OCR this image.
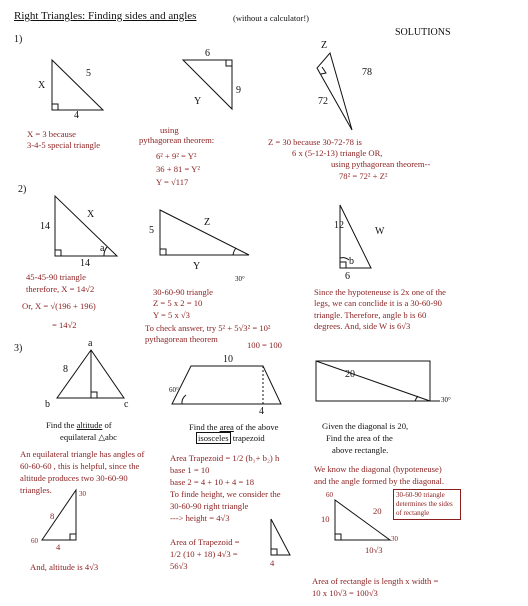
Right Triangles: Finding sides and angles	(without a calculator!)
SOLUTIONS
1)
X
5
4
X = 3 because
3-4-5 special triangle
6
9
Y
using
pythagorean theorem:
6² + 9² = Y²
36 + 81 = Y²
Y = √117
Z
78
72
Z = 30 because 30-72-78 is
6 x (5-12-13) triangle OR,
using pythagorean theorem--
78² = 72² + Z²
2)
14
X
a
14
45-45-90 triangle
therefore, X = 14√2
Or, X = √(196 + 196)
= 14√2
5
Z
Y
30°
30-60-90 triangle
Z = 5 x 2 = 10
Y = 5 x √3
To check answer, try 5² + 5√3² = 10²
pythagorean theorem
100 = 100
12
W
b
6
Since the hypoteneuse is 2x one of the
legs, we can conclide it is a 30-60-90
triangle. Therefore, angle b is 60
degrees. And, side W is 6√3
3)	a
8
b	c
Find the altitude of
equilateral △abc
An equilateral triangle has angles of
60-60-60 , this is helpful, since the
altitude produces two 30-60-90
triangles.	30
8
60
4
And, altitude is 4√3
10
60°
4
Find the area of the above
isosceles trapezoid
Area Trapezoid = 1/2 (b₁+ b₂) h
base 1 = 10
base 2 = 4 + 10 + 4 = 18
To finde height, we consider the
30-60-90 right triangle
---> height = 4√3
Area of Trapezoid =
1/2 (10 + 18) 4√3 =
56√3	4
20
30°
Given the diagonal is 20,
Find the area of the
above rectangle.
We know the diagonal (hypoteneuse)
and the angle formed by the diagonal.
30-60-90 triangle determines the sides of rectangle
60
10
20
30
10√3
Area of rectangle is length x width =
10 x 10√3 = 100√3
